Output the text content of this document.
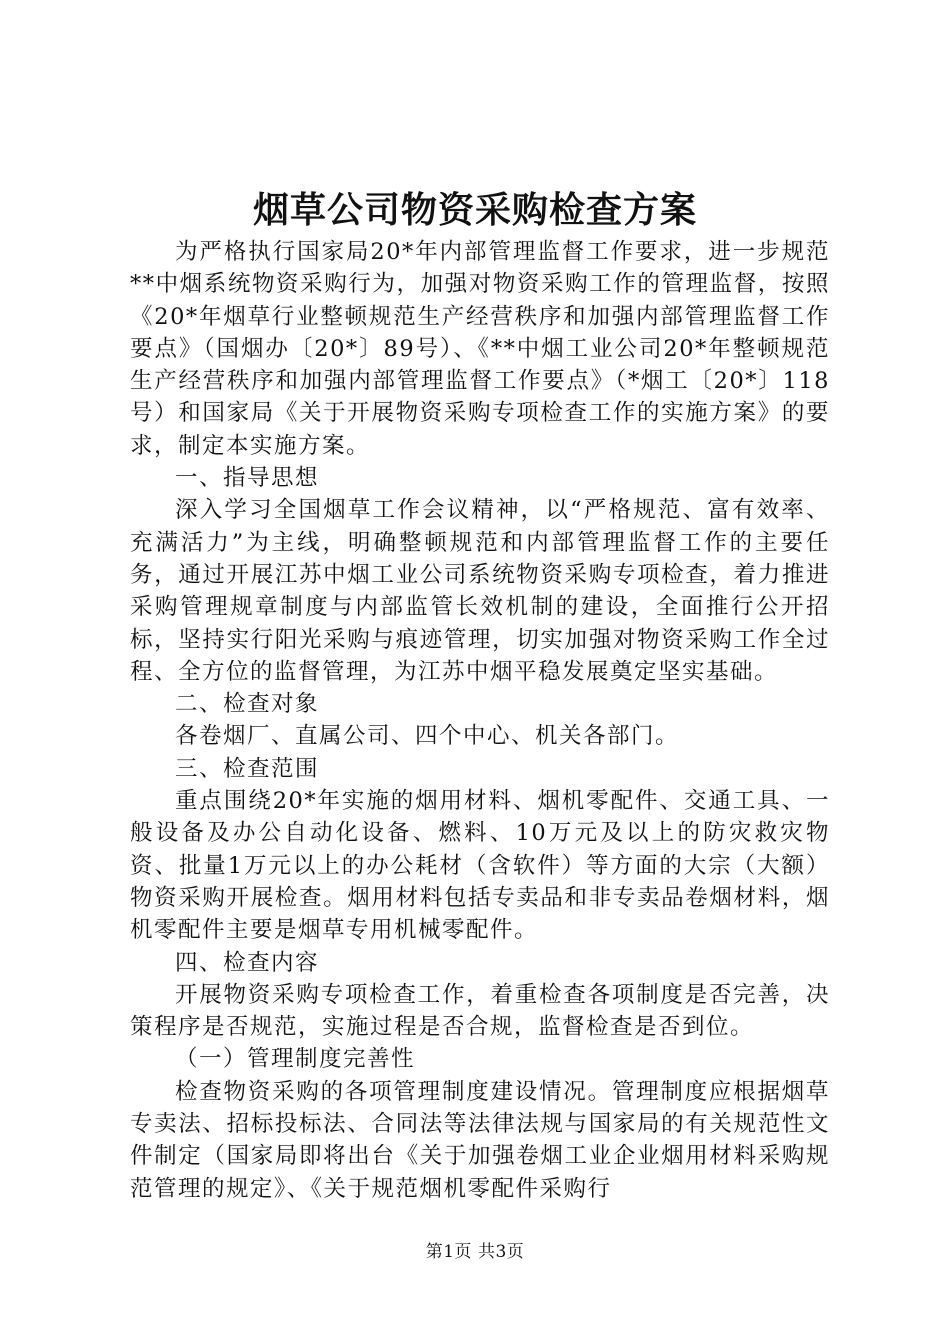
烟草公司物资采购检查方案

为严格执行国家局20*年内部管理监督工作要求，进一步规范**中烟系统物资采购行为，加强对物资采购工作的管理监督，按照《20*年烟草行业整顿规范生产经营秩序和加强内部管理监督工作要点》（国烟办〔20*〕89号）、《**中烟工业公司20*年整顿规范生产经营秩序和加强内部管理监督工作要点》（*烟工〔20*〕118号）和国家局《关于开展物资采购专项检查工作的实施方案》的要求，制定本实施方案。

一、指导思想

深入学习全国烟草工作会议精神，以“严格规范、富有效率、充满活力”为主线，明确整顿规范和内部管理监督工作的主要任务，通过开展江苏中烟工业公司系统物资采购专项检查，着力推进采购管理规章制度与内部监管长效机制的建设，全面推行公开招标，坚持实行阳光采购与痕迹管理，切实加强对物资采购工作全过程、全方位的监督管理，为江苏中烟平稳发展奠定坚实基础。

二、检查对象

各卷烟厂、直属公司、四个中心、机关各部门。

三、检查范围

重点围绕20*年实施的烟用材料、烟机零配件、交通工具、一般设备及办公自动化设备、燃料、10万元及以上的防灾救灾物资、批量1万元以上的办公耗材（含软件）等方面的大宗（大额）物资采购开展检查。烟用材料包括专卖品和非专卖品卷烟材料，烟机零配件主要是烟草专用机械零配件。

四、检查内容

开展物资采购专项检查工作，着重检查各项制度是否完善，决策程序是否规范，实施过程是否合规，监督检查是否到位。

（一）管理制度完善性

检查物资采购的各项管理制度建设情况。管理制度应根据烟草专卖法、招标投标法、合同法等法律法规与国家局的有关规范性文件制定（国家局即将出台《关于加强卷烟工业企业烟用材料采购规范管理的规定》、《关于规范烟机零配件采购行

第1页 共3页
